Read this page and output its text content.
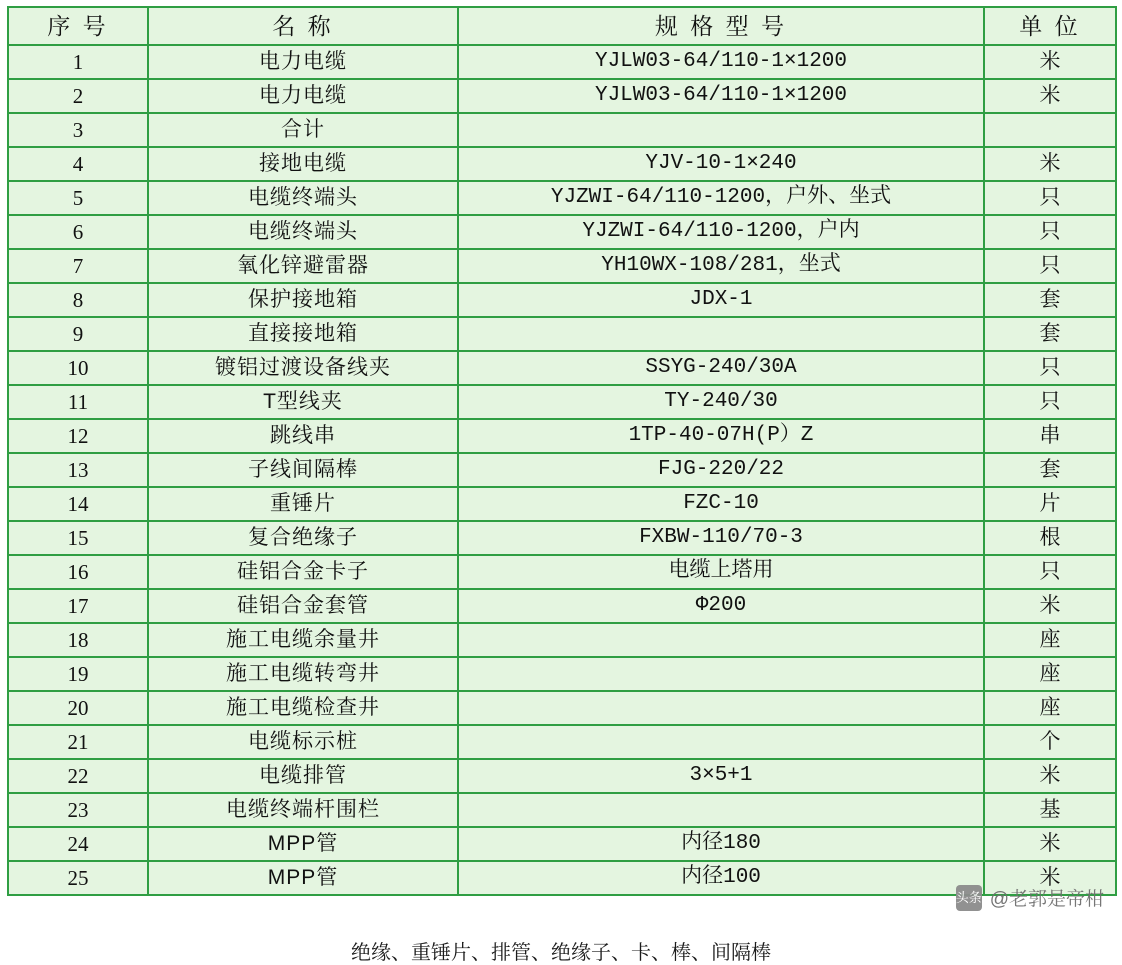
序 号	名 称	规 格 型 号	单 位
1	电力电缆	YJLW03-64/110-1×1200	米
2	电力电缆	YJLW03-64/110-1×1200	米
3	合计		
4	接地电缆	YJV-10-1×240	米
5	电缆终端头	YJZWI-64/110-1200，户外、坐式	只
6	电缆终端头	YJZWI-64/110-1200，户内	只
7	氧化锌避雷器	YH10WX-108/281，坐式	只
8	保护接地箱	JDX-1	套
9	直接接地箱		套
10	镀铝过渡设备线夹	SSYG-240/30A	只
11	T型线夹	TY-240/30	只
12	跳线串	1TP-40-07H(P）Z	串
13	子线间隔棒	FJG-220/22	套
14	重锤片	FZC-10	片
15	复合绝缘子	FXBW-110/70-3	根
16	硅铝合金卡子	电缆上塔用	只
17	硅铝合金套管	Φ200	米
18	施工电缆余量井		座
19	施工电缆转弯井		座
20	施工电缆检查井		座
21	电缆标示桩		个
22	电缆排管	3×5+1	米
23	电缆终端杆围栏		基
24	MPP管	内径180	米
25	MPP管	内径100	米
绝缘、重锤片、排管、绝缘子、卡、棒、间隔棒
头条 @老郭是帝柑
